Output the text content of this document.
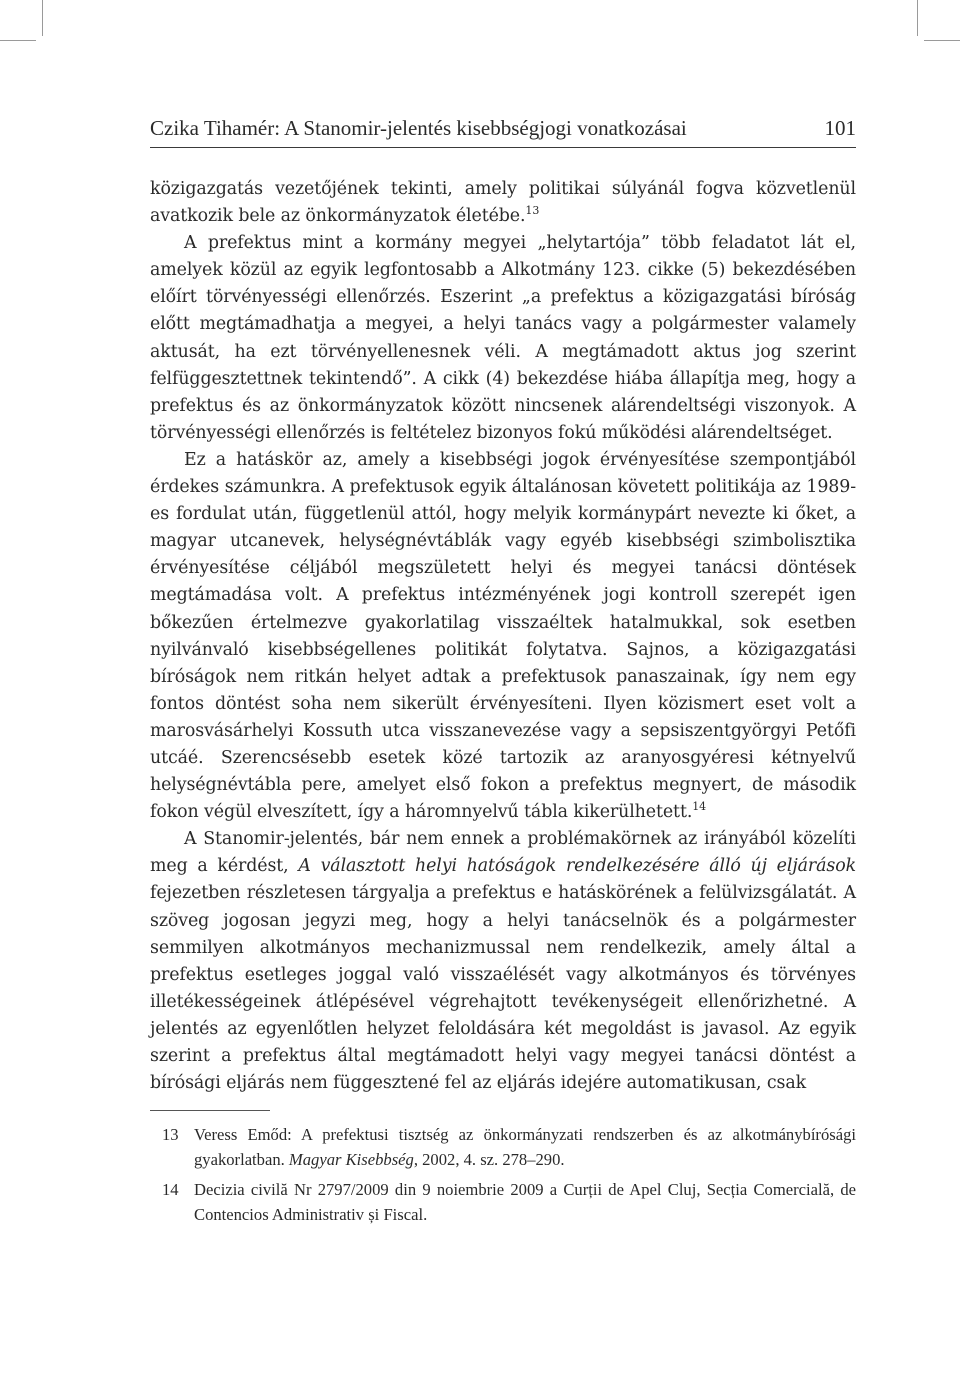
Czika Tihamér: A Stanomir-jelentés kisebbségjogi vonatkozásai	101

közigazgatás vezetőjének tekinti, amely politikai súlyánál fogva közvetlenül avatkozik bele az önkormányzatok életébe.$^{13}$

A prefektus mint a kormány megyei „helytartója” több feladatot lát el, amelyek közül az egyik legfontosabb a Alkotmány 123. cikke (5) bekezdésében előírt törvényességi ellenőrzés. Eszerint „a prefektus a közigazgatási bíróság előtt megtámadhatja a megyei, a helyi tanács vagy a polgármester valamely aktusát, ha ezt törvényellenesnek véli. A megtámadott aktus jog szerint felfüggesztettnek tekintendő”. A cikk (4) bekezdése hiába állapítja meg, hogy a prefektus és az önkormányzatok között nincsenek alárendeltségi viszonyok. A törvényességi ellenőrzés is feltételez bizonyos fokú működési alárendeltséget.

Ez a hatáskör az, amely a kisebbségi jogok érvényesítése szempontjából érdekes számunkra. A prefektusok egyik általánosan követett politikája az 1989-es fordulat után, függetlenül attól, hogy melyik kormánypárt nevezte ki őket, a magyar utcanevek, helységnévtáblák vagy egyéb kisebbségi szimbolisztika érvényesítése céljából megszületett helyi és megyei tanácsi döntések megtámadása volt. A prefektus intézményének jogi kontroll szerepét igen bőkezűen értelmezve gyakorlatilag visszaéltek hatalmukkal, sok esetben nyilvánvaló kisebbségellenes politikát folytatva. Sajnos, a közigazgatási bíróságok nem ritkán helyet adtak a prefektusok panaszainak, így nem egy fontos döntést soha nem sikerült érvényesíteni. Ilyen közismert eset volt a marosvásárhelyi Kossuth utca visszanevezése vagy a sepsiszentgyörgyi Petőfi utcáé. Szerencsésebb esetek közé tartozik az aranyosgyéresi kétnyelvű helységnévtábla pere, amelyet első fokon a prefektus megnyert, de második fokon végül elveszített, így a háromnyelvű tábla kikerülhetett.$^{14}$

A Stanomir-jelentés, bár nem ennek a problémakörnek az irányából közelíti meg a kérdést, A választott helyi hatóságok rendelkezésére álló új eljárások fejezetben részletesen tárgyalja a prefektus e hatáskörének a felülvizsgálatát. A szöveg jogosan jegyzi meg, hogy a helyi tanácselnök és a polgármester semmilyen alkotmányos mechanizmussal nem rendelkezik, amely által a prefektus esetleges joggal való visszaélését vagy alkotmányos és törvényes illetékességeinek átlépésével végrehajtott tevékenységeit ellenőrizhetné. A jelentés az egyenlőtlen helyzet feloldására két megoldást is javasol. Az egyik szerint a prefektus által megtámadott helyi vagy megyei tanácsi döntést a bírósági eljárás nem függesztené fel az eljárás idejére automatikusan, csak

13 Veress Emőd: A prefektusi tisztség az önkormányzati rendszerben és az alkotmánybírósági gyakorlatban. Magyar Kisebbség, 2002, 4. sz. 278–290.
14 Decizia civilă Nr 2797/2009 din 9 noiembrie 2009 a Curții de Apel Cluj, Secția Comercială, de Contencios Administrativ și Fiscal.
